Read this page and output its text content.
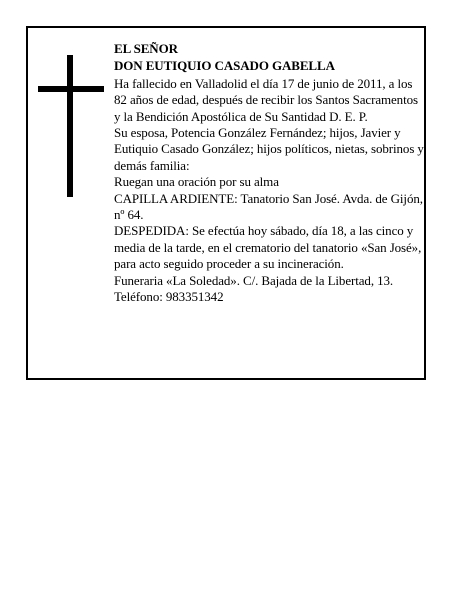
EL SEÑOR

DON EUTIQUIO CASADO GABELLA

Ha fallecido en Valladolid el día 17 de junio de 2011, a los 82 años de edad, después de recibir los Santos Sacramentos y la Bendición Apostólica de Su Santidad D. E. P.

Su esposa, Potencia González Fernández; hijos, Javier y Eutiquio Casado González; hijos políticos, nietas, sobrinos y demás familia:

Ruegan una oración por su alma

CAPILLA ARDIENTE: Tanatorio San José. Avda. de Gijón, nº 64.

DESPEDIDA: Se efectúa hoy sábado, día 18, a las cinco y media de la tarde, en el crematorio del tanatorio «San José», para acto seguido proceder a su incineración.

Funeraria «La Soledad». C/. Bajada de la Libertad, 13. Teléfono: 983351342
